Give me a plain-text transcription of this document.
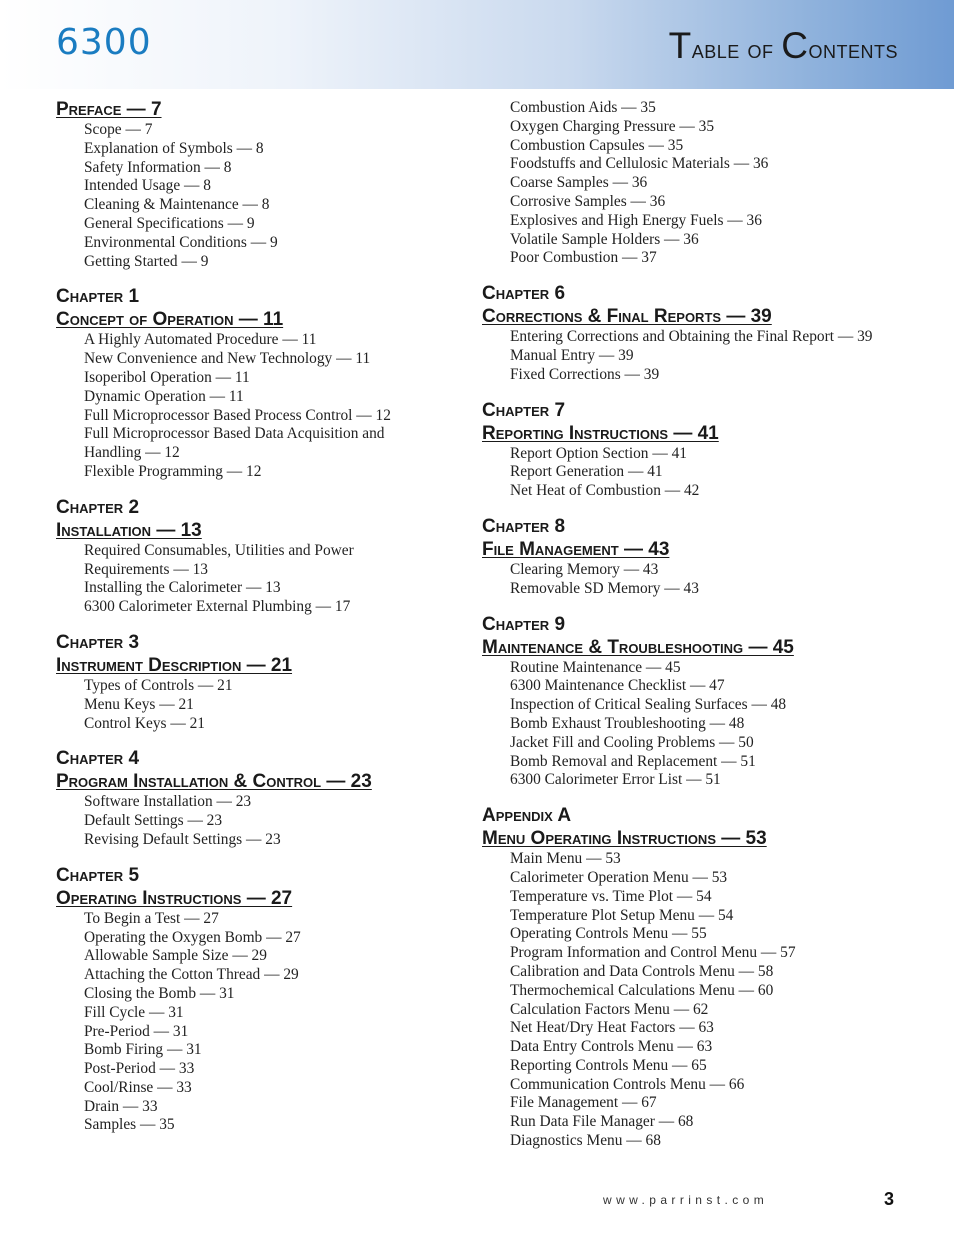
6300	Table of Contents
Preface — 7
Scope — 7
Explanation of Symbols — 8
Safety Information — 8
Intended Usage — 8
Cleaning & Maintenance — 8
General Specifications — 9
Environmental Conditions — 9
Getting Started — 9
Chapter 1
Concept of Operation — 11
A Highly Automated Procedure — 11
New Convenience and New Technology — 11
Isoperibol Operation — 11
Dynamic Operation — 11
Full Microprocessor Based Process Control — 12
Full Microprocessor Based Data Acquisition and
Handling — 12
Flexible Programming — 12
Chapter 2
Installation — 13
Required Consumables, Utilities and Power
Requirements — 13
Installing the Calorimeter — 13
6300 Calorimeter External Plumbing — 17
Chapter 3
Instrument Description — 21
Types of Controls — 21
Menu Keys — 21
Control Keys — 21
Chapter 4
Program Installation & Control — 23
Software Installation — 23
Default Settings — 23
Revising Default Settings — 23
Chapter 5
Operating Instructions — 27
To Begin a Test — 27
Operating the Oxygen Bomb — 27
Allowable Sample Size — 29
Attaching the Cotton Thread — 29
Closing the Bomb — 31
Fill Cycle — 31
Pre-Period — 31
Bomb Firing — 31
Post-Period — 33
Cool/Rinse — 33
Drain — 33
Samples — 35
Combustion Aids — 35
Oxygen Charging Pressure — 35
Combustion Capsules — 35
Foodstuffs and Cellulosic Materials — 36
Coarse Samples — 36
Corrosive Samples — 36
Explosives and High Energy Fuels — 36
Volatile Sample Holders — 36
Poor Combustion — 37
Chapter 6
Corrections & Final Reports — 39
Entering Corrections and Obtaining the Final Report — 39
Manual Entry — 39
Fixed Corrections — 39
Chapter 7
Reporting Instructions — 41
Report Option Section — 41
Report Generation — 41
Net Heat of Combustion — 42
Chapter 8
File Management — 43
Clearing Memory — 43
Removable SD Memory — 43
Chapter 9
Maintenance & Troubleshooting — 45
Routine Maintenance — 45
6300 Maintenance Checklist — 47
Inspection of Critical Sealing Surfaces — 48
Bomb Exhaust Troubleshooting — 48
Jacket Fill and Cooling Problems — 50
Bomb Removal and Replacement — 51
6300 Calorimeter Error List — 51
Appendix A
Menu Operating Instructions — 53
Main Menu — 53
Calorimeter Operation Menu — 53
Temperature vs. Time Plot — 54
Temperature Plot Setup Menu — 54
Operating Controls Menu — 55
Program Information and Control Menu — 57
Calibration and Data Controls Menu — 58
Thermochemical Calculations Menu — 60
Calculation Factors Menu — 62
Net Heat/Dry Heat Factors — 63
Data Entry Controls Menu — 63
Reporting Controls Menu — 65
Communication Controls Menu — 66
File Management — 67
Run Data File Manager — 68
Diagnostics Menu — 68
www.parrinst.com	3
